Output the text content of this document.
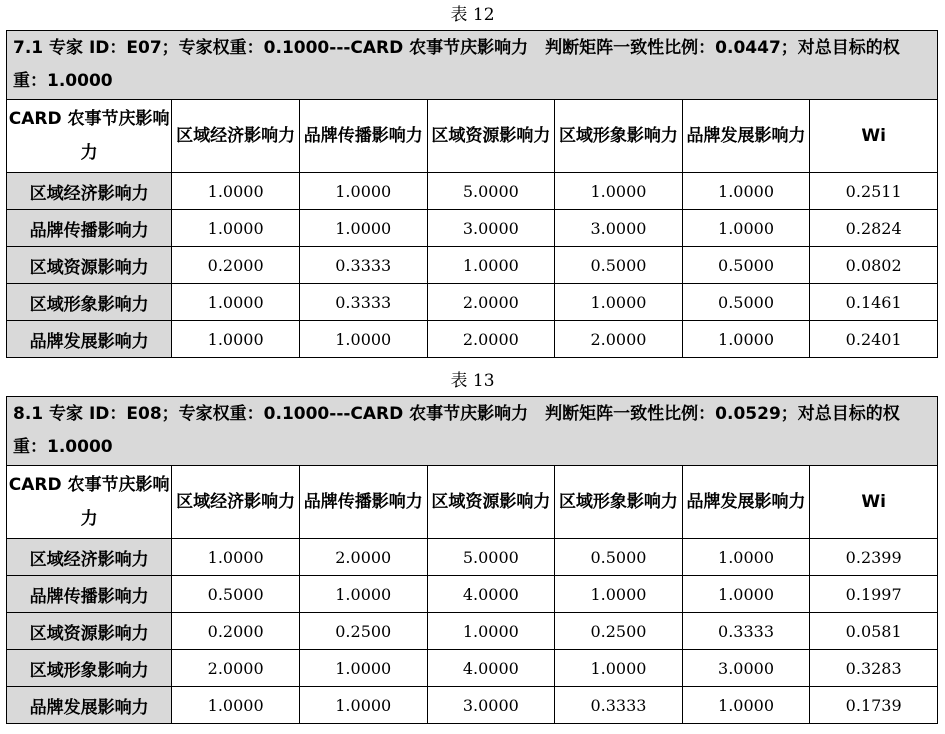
表 12
7.1 专家 ID：E07；专家权重：0.1000---CARD 农事节庆影响力　判断矩阵一致性比例：0.0447；对总目标的权重：1.0000						
CARD 农事节庆影响力	区域经济影响力	品牌传播影响力	区域资源影响力	区域形象影响力	品牌发展影响力	Wi
区域经济影响力	1.0000	1.0000	5.0000	1.0000	1.0000	0.2511
品牌传播影响力	1.0000	1.0000	3.0000	3.0000	1.0000	0.2824
区域资源影响力	0.2000	0.3333	1.0000	0.5000	0.5000	0.0802
区域形象影响力	1.0000	0.3333	2.0000	1.0000	0.5000	0.1461
品牌发展影响力	1.0000	1.0000	2.0000	2.0000	1.0000	0.2401
表 13
8.1 专家 ID：E08；专家权重：0.1000---CARD 农事节庆影响力　判断矩阵一致性比例：0.0529；对总目标的权重：1.0000						
CARD 农事节庆影响力	区域经济影响力	品牌传播影响力	区域资源影响力	区域形象影响力	品牌发展影响力	Wi
区域经济影响力	1.0000	2.0000	5.0000	0.5000	1.0000	0.2399
品牌传播影响力	0.5000	1.0000	4.0000	1.0000	1.0000	0.1997
区域资源影响力	0.2000	0.2500	1.0000	0.2500	0.3333	0.0581
区域形象影响力	2.0000	1.0000	4.0000	1.0000	3.0000	0.3283
品牌发展影响力	1.0000	1.0000	3.0000	0.3333	1.0000	0.1739
